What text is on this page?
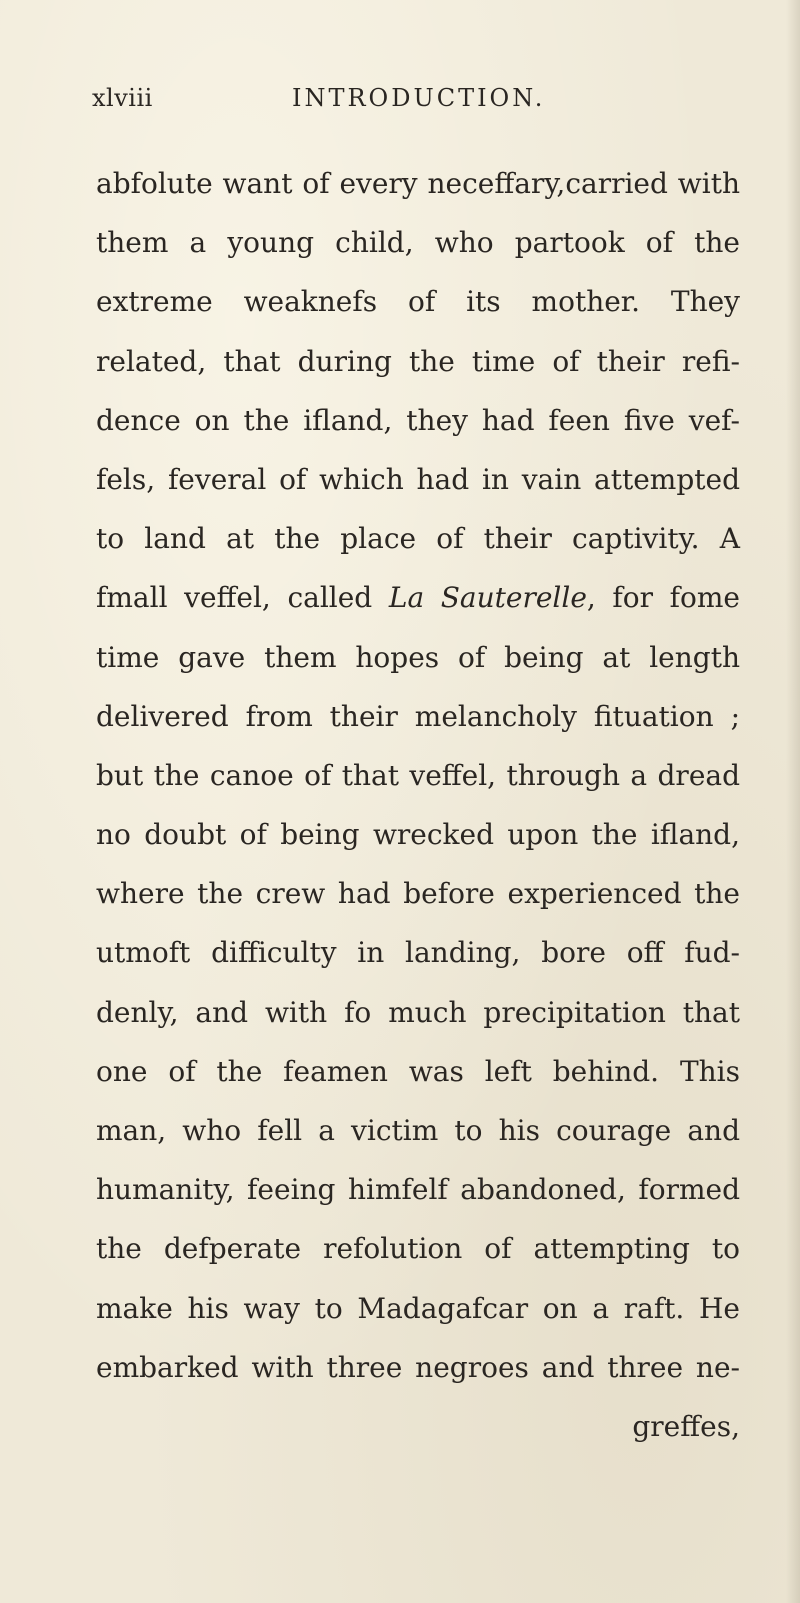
xlviii	INTRODUCTION.
abfolute want of every neceffary,carried with
them a young child, who partook of the
extreme weaknefs of its mother. They
related, that during the time of their refi-
dence on the ifland, they had feen five vef-
fels, feveral of which had in vain attempted
to land at the place of their captivity. A
fmall veffel, called La Sauterelle, for fome
time gave them hopes of being at length
delivered from their melancholy fituation ;
but the canoe of that veffel, through a dread
no doubt of being wrecked upon the ifland,
where the crew had before experienced the
utmoft difficulty in landing, bore off fud-
denly, and with fo much precipitation that
one of the feamen was left behind. This
man, who fell a victim to his courage and
humanity, feeing himfelf abandoned, formed
the defperate refolution of attempting to
make his way to Madagafcar on a raft. He
embarked with three negroes and three ne-
greffes,
